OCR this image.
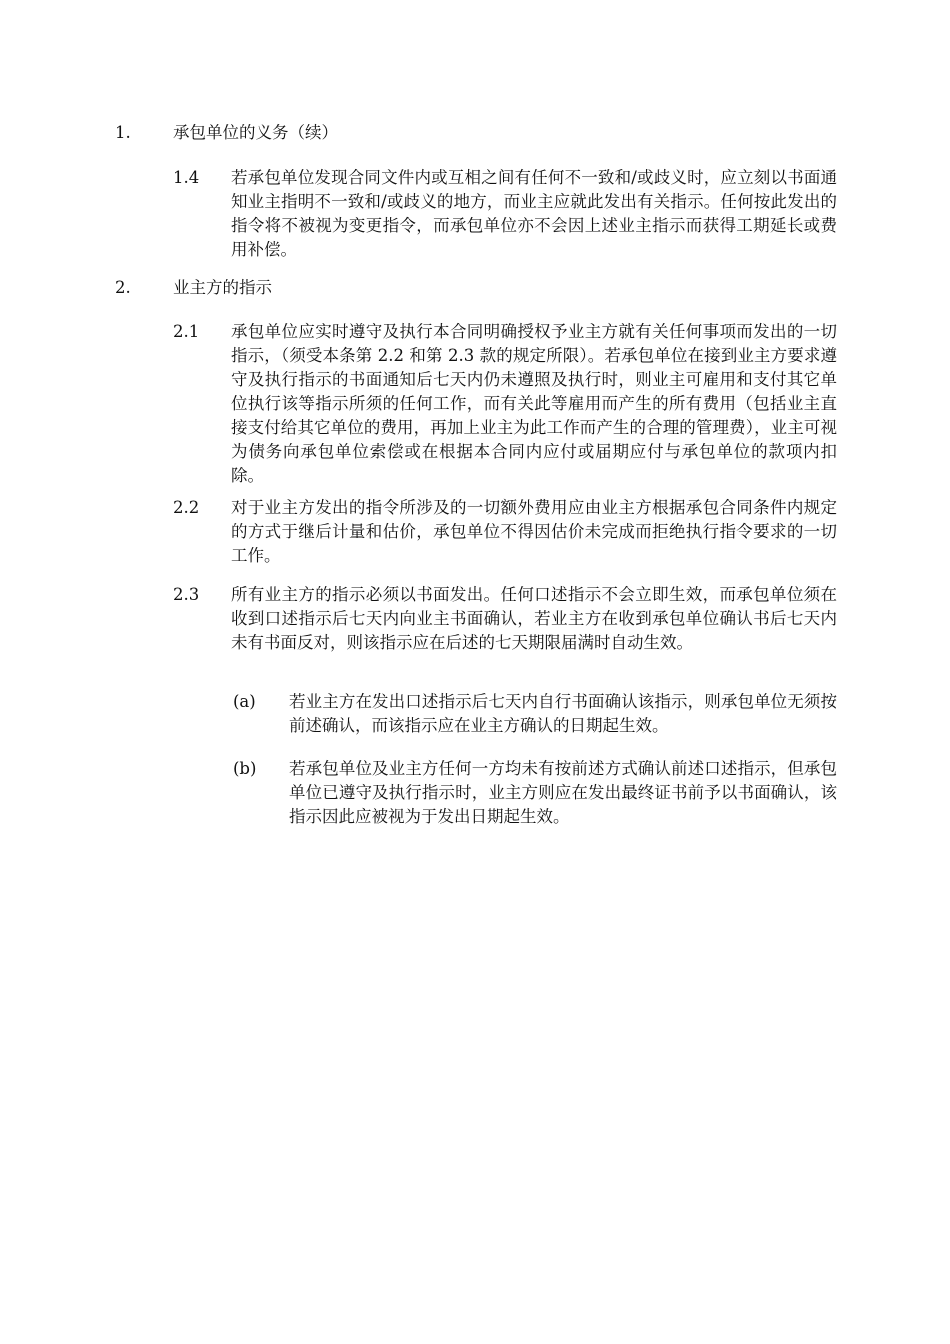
1.	承包单位的义务（续）
1.4 若承包单位发现合同文件内或互相之间有任何不一致和/或歧义时，应立刻以书面通知业主指明不一致和/或歧义的地方，而业主应就此发出有关指示。任何按此发出的指令将不被视为变更指令，而承包单位亦不会因上述业主指示而获得工期延长或费用补偿。
2.	业主方的指示
2.1 承包单位应实时遵守及执行本合同明确授权予业主方就有关任何事项而发出的一切指示，（须受本条第 2.2 和第 2.3 款的规定所限）。若承包单位在接到业主方要求遵守及执行指示的书面通知后七天内仍未遵照及执行时，则业主可雇用和支付其它单位执行该等指示所须的任何工作，而有关此等雇用而产生的所有费用（包括业主直接支付给其它单位的费用，再加上业主为此工作而产生的合理的管理费），业主可视为债务向承包单位索偿或在根据本合同内应付或届期应付与承包单位的款项内扣除。
2.2 对于业主方发出的指令所涉及的一切额外费用应由业主方根据承包合同条件内规定的方式于继后计量和估价，承包单位不得因估价未完成而拒绝执行指令要求的一切工作。
2.3 所有业主方的指示必须以书面发出。任何口述指示不会立即生效，而承包单位须在收到口述指示后七天内向业主书面确认，若业主方在收到承包单位确认书后七天内未有书面反对，则该指示应在后述的七天期限届满时自动生效。
(a) 若业主方在发出口述指示后七天内自行书面确认该指示，则承包单位无须按前述确认，而该指示应在业主方确认的日期起生效。
(b) 若承包单位及业主方任何一方均未有按前述方式确认前述口述指示，但承包单位已遵守及执行指示时，业主方则应在发出最终证书前予以书面确认，该指示因此应被视为于发出日期起生效。
